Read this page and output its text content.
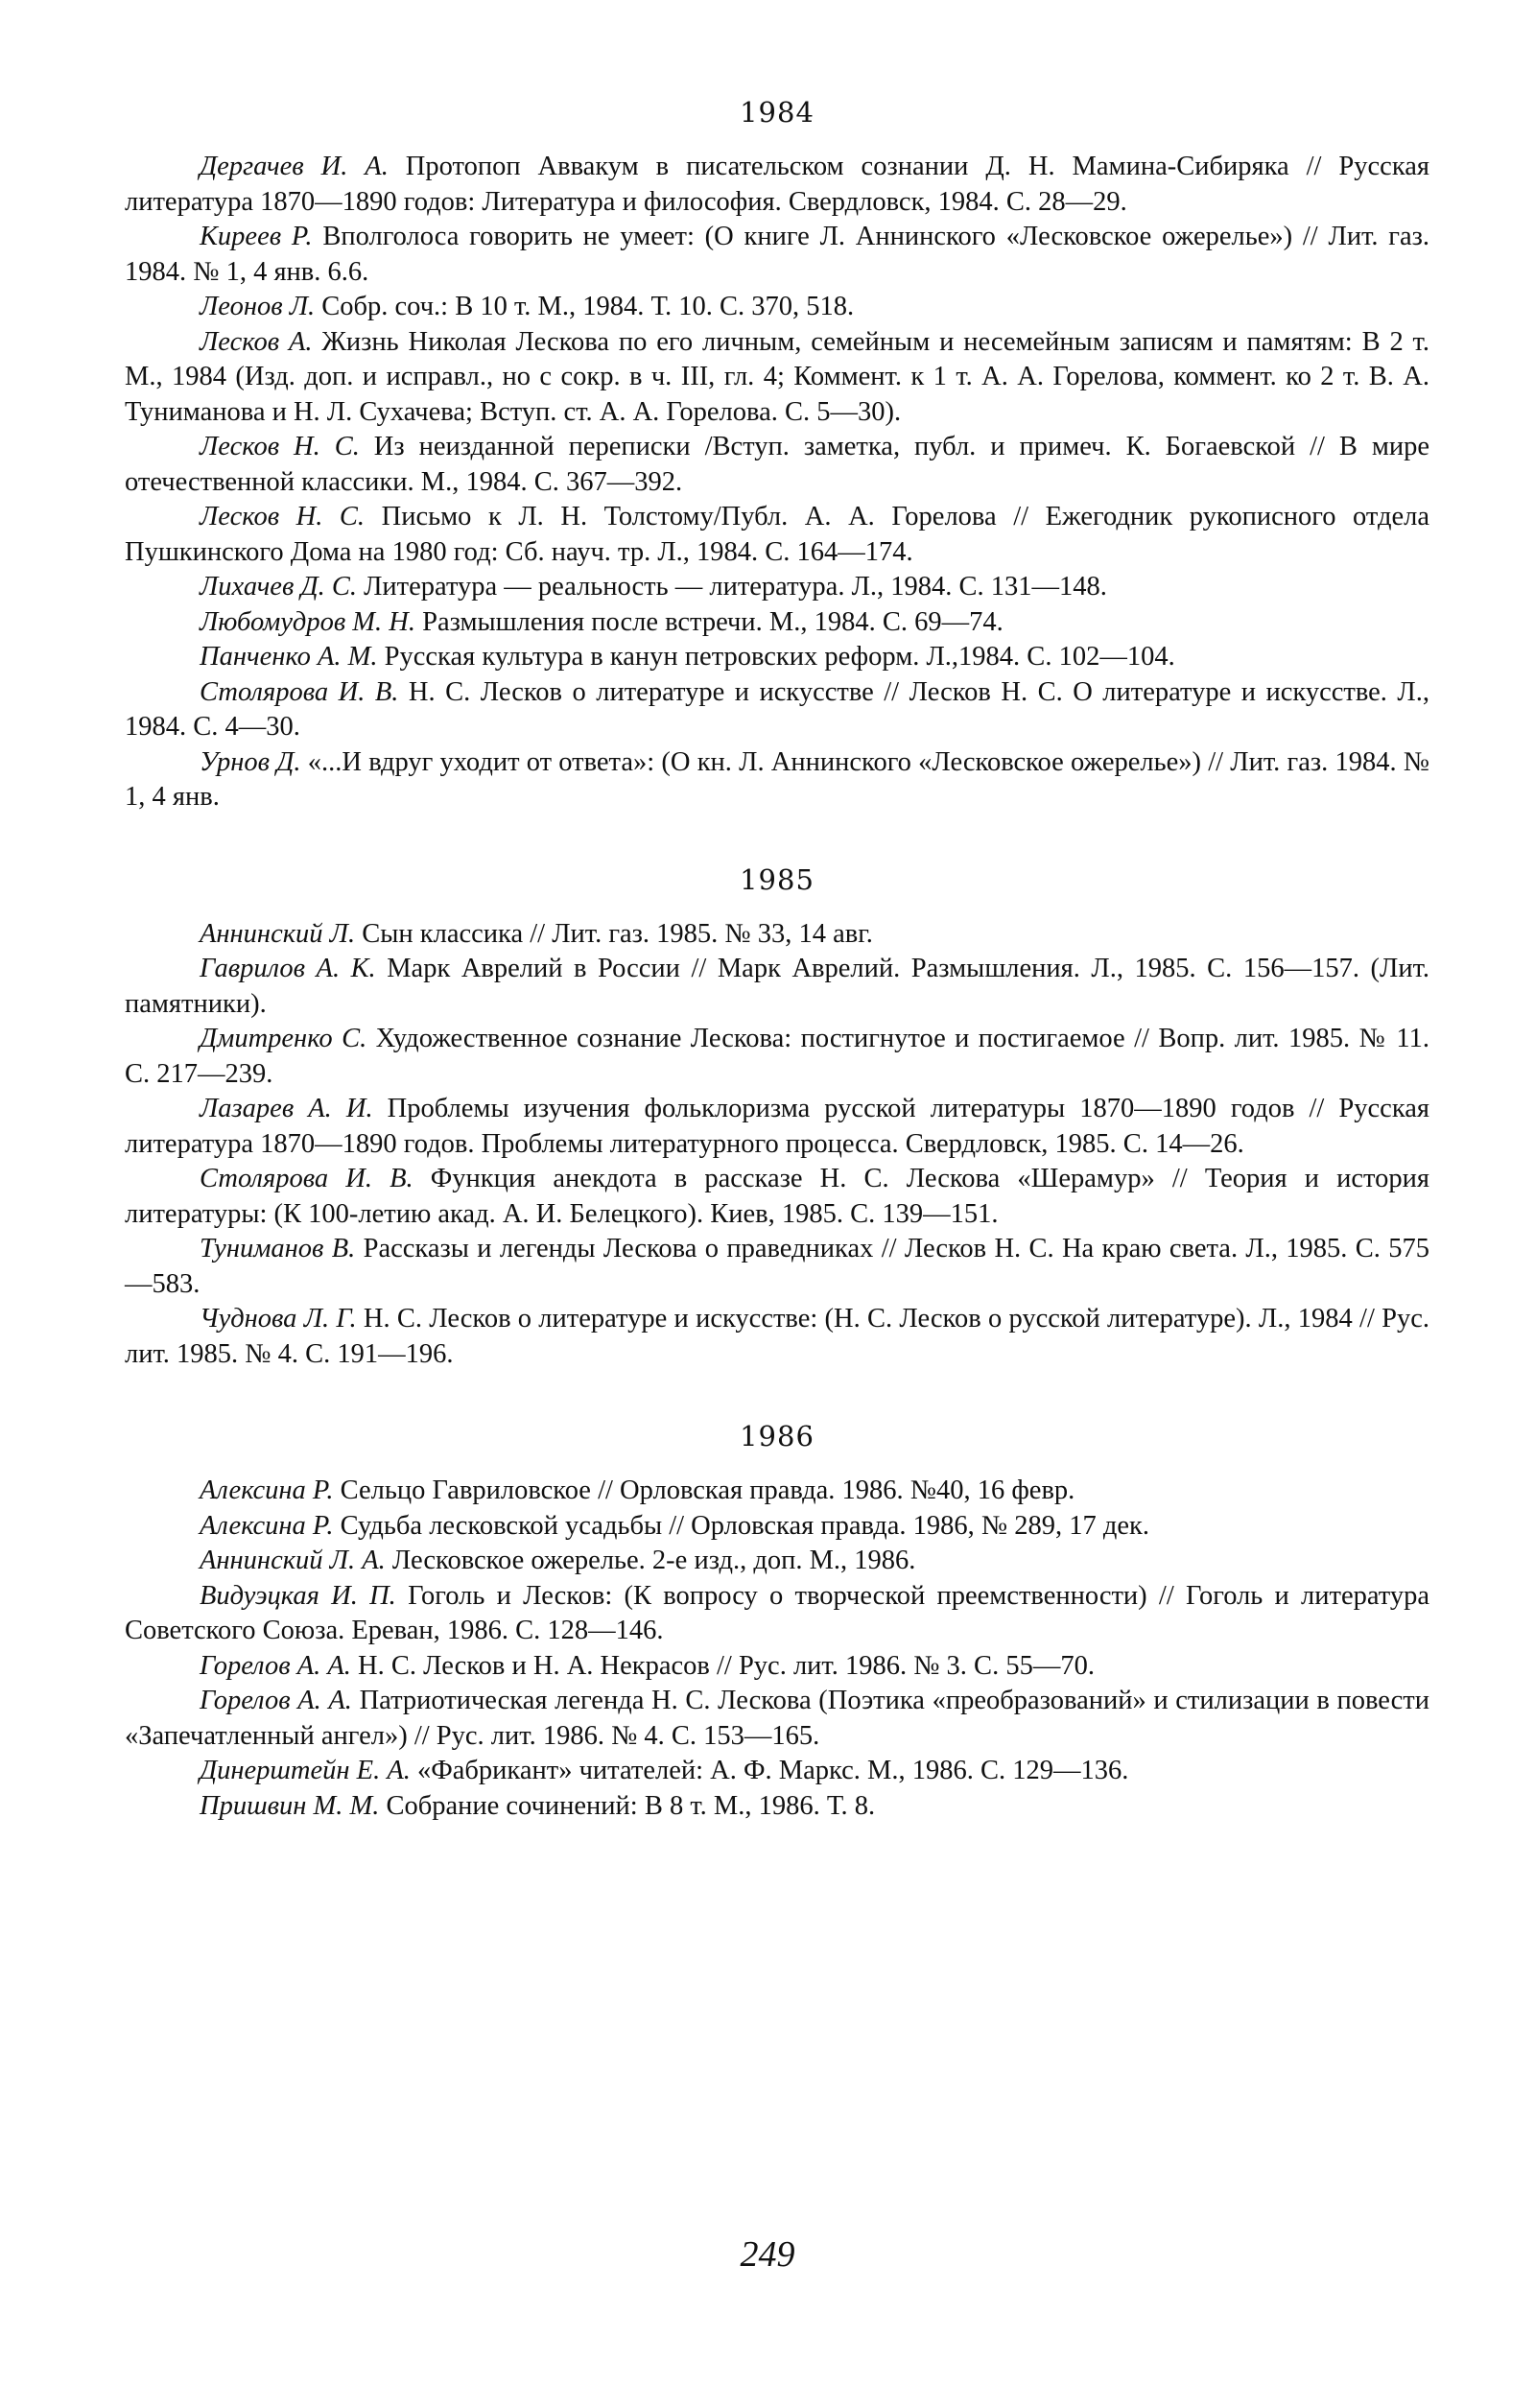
1984

Дергачев И. А. Протопоп Аввакум в писательском сознании Д. Н. Мамина-Сибиряка // Русская литература 1870—1890 годов: Литература и философия. Свердловск, 1984. С. 28—29.

Киреев Р. Вполголоса говорить не умеет: (О книге Л. Аннинского «Лесковское ожерелье») // Лит. газ. 1984. № 1, 4 янв. 6.6.

Леонов Л. Собр. соч.: В 10 т. М., 1984. Т. 10. С. 370, 518.

Лесков А. Жизнь Николая Лескова по его личным, семейным и несемейным записям и памятям: В 2 т. М., 1984 (Изд. доп. и исправл., но с сокр. в ч. III, гл. 4; Коммент. к 1 т. А. А. Горелова, коммент. ко 2 т. В. А. Туниманова и Н. Л. Сухачева; Вступ. ст. А. А. Горелова. С. 5—30).

Лесков Н. С. Из неизданной переписки /Вступ. заметка, публ. и примеч. К. Богаевской // В мире отечественной классики. М., 1984. С. 367—392.

Лесков Н. С. Письмо к Л. Н. Толстому/Публ. А. А. Горелова // Ежегодник рукописного отдела Пушкинского Дома на 1980 год: Сб. науч. тр. Л., 1984. С. 164—174.

Лихачев Д. С. Литература — реальность — литература. Л., 1984. С. 131—148.

Любомудров М. Н. Размышления после встречи. М., 1984. С. 69—74.

Панченко А. М. Русская культура в канун петровских реформ. Л.,1984. С. 102—104.

Столярова И. В. Н. С. Лесков о литературе и искусстве // Лесков Н. С. О литературе и искусстве. Л., 1984. С. 4—30.

Урнов Д. «...И вдруг уходит от ответа»: (О кн. Л. Аннинского «Лесковское ожерелье») // Лит. газ. 1984. № 1, 4 янв.

1985

Аннинский Л. Сын классика // Лит. газ. 1985. № 33, 14 авг.

Гаврилов А. К. Марк Аврелий в России // Марк Аврелий. Размышления. Л., 1985. С. 156—157. (Лит. памятники).

Дмитренко С. Художественное сознание Лескова: постигнутое и постигаемое // Вопр. лит. 1985. № 11. С. 217—239.

Лазарев А. И. Проблемы изучения фольклоризма русской литературы 1870—1890 годов // Русская литература 1870—1890 годов. Проблемы литературного процесса. Свердловск, 1985. С. 14—26.

Столярова И. В. Функция анекдота в рассказе Н. С. Лескова «Шерамур» // Теория и история литературы: (К 100-летию акад. А. И. Белецкого). Киев, 1985. С. 139—151.

Туниманов В. Рассказы и легенды Лескова о праведниках // Лесков Н. С. На краю света. Л., 1985. С. 575—583.

Чуднова Л. Г. Н. С. Лесков о литературе и искусстве: (Н. С. Лесков о русской литературе). Л., 1984 // Рус. лит. 1985. № 4. С. 191—196.

1986

Алексина Р. Сельцо Гавриловское // Орловская правда. 1986. №40, 16 февр.

Алексина Р. Судьба лесковской усадьбы // Орловская правда. 1986, № 289, 17 дек.

Аннинский Л. А. Лесковское ожерелье. 2-е изд., доп. М., 1986.

Видуэцкая И. П. Гоголь и Лесков: (К вопросу о творческой преемственности) // Гоголь и литература Советского Союза. Ереван, 1986. С. 128—146.

Горелов А. А. Н. С. Лесков и Н. А. Некрасов // Рус. лит. 1986. № 3. С. 55—70.

Горелов А. А. Патриотическая легенда Н. С. Лескова (Поэтика «преобразований» и стилизации в повести «Запечатленный ангел») // Рус. лит. 1986. № 4. С. 153—165.

Динерштейн Е. А. «Фабрикант» читателей: А. Ф. Маркс. М., 1986. С. 129—136.

Пришвин М. М. Собрание сочинений: В 8 т. М., 1986. Т. 8.

249
